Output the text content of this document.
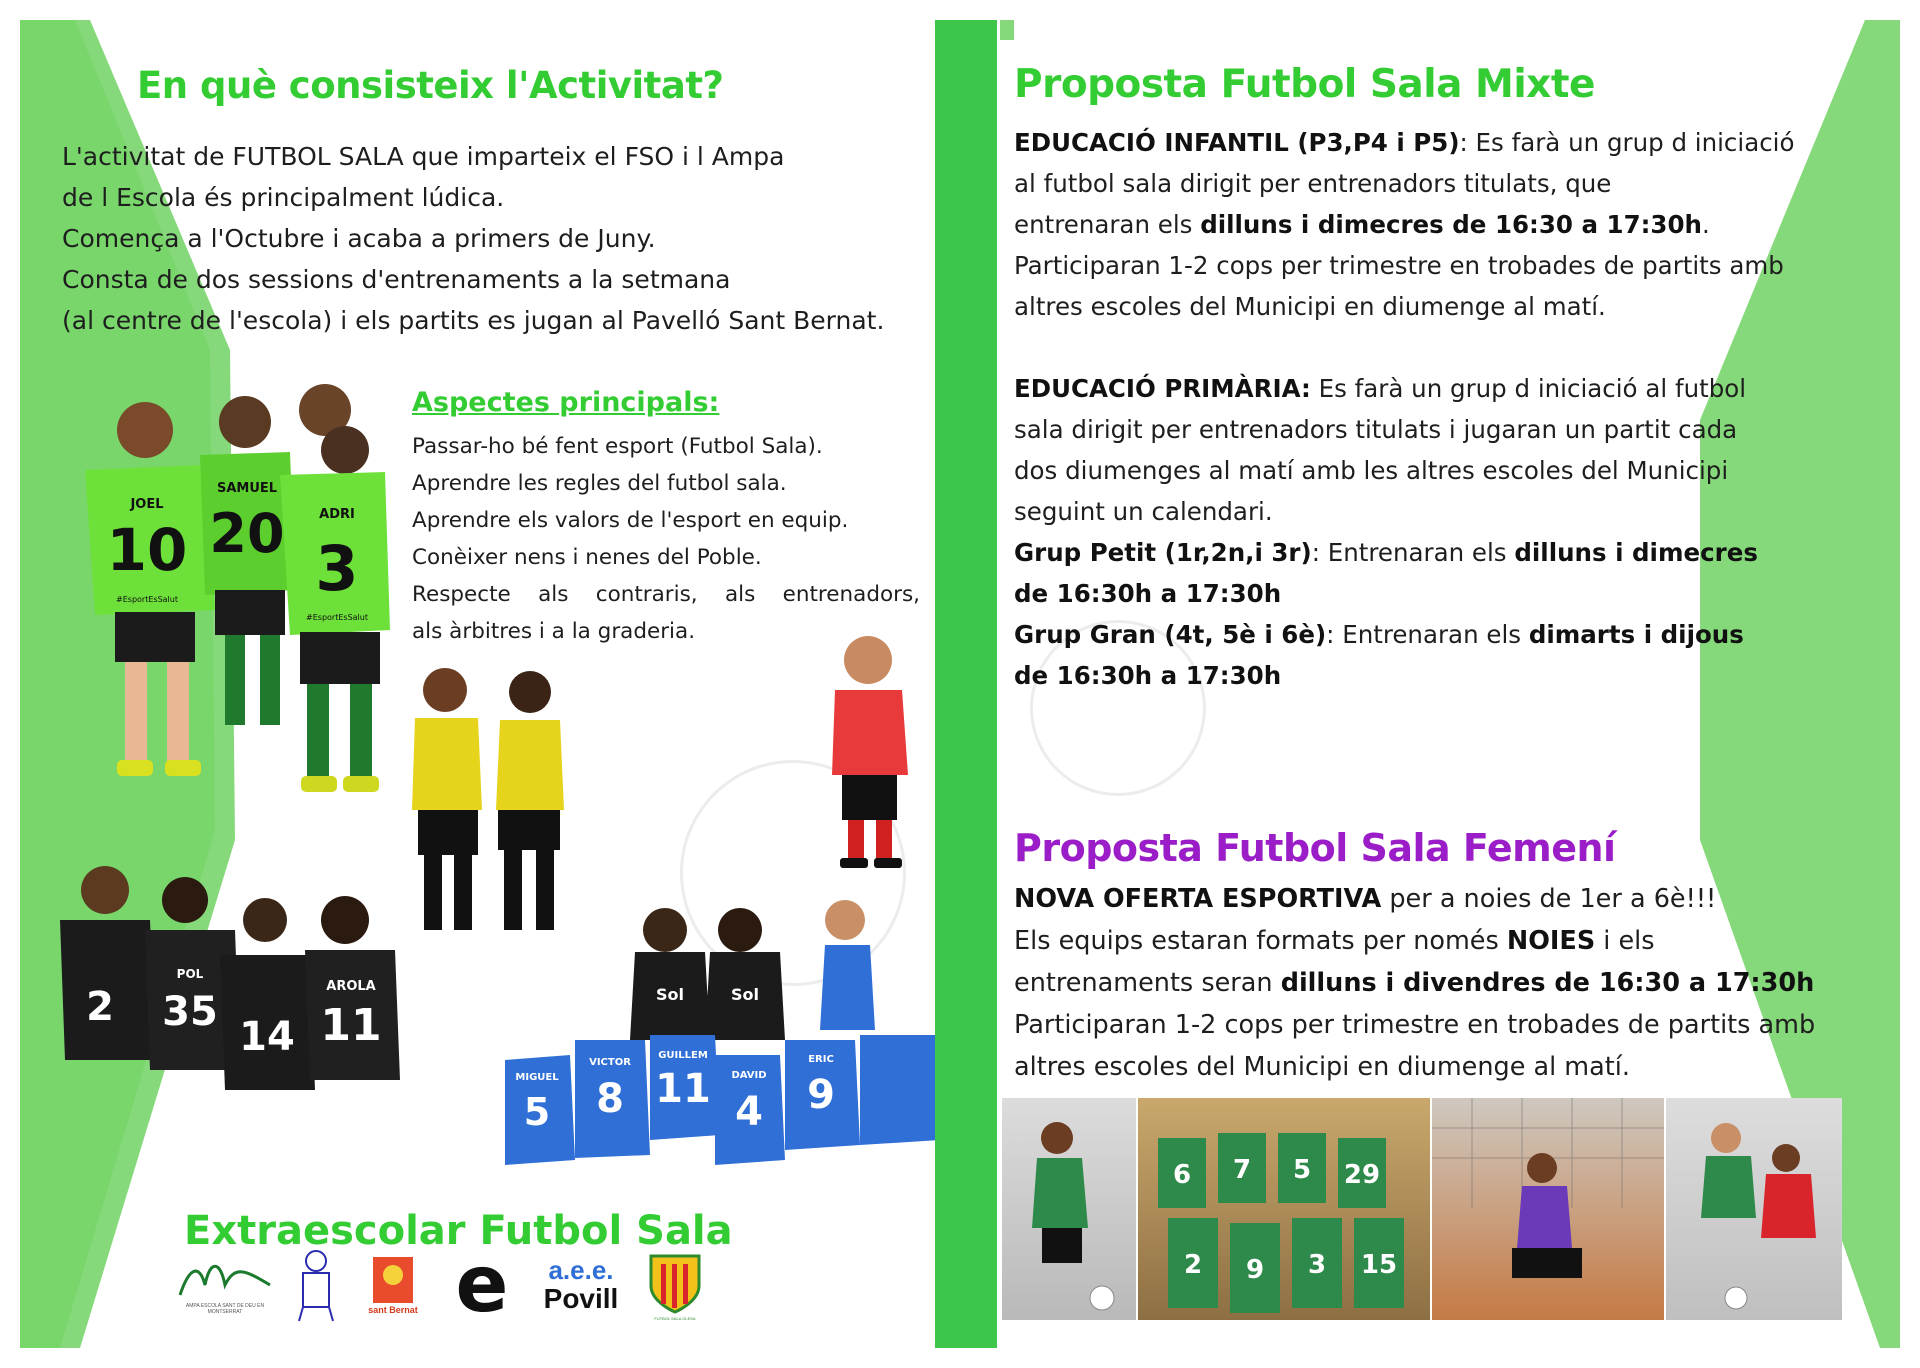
En què consisteix l'Activitat?
L'activitat de FUTBOL SALA que imparteix el FSO i l Ampa
de l Escola és principalment lúdica.
Comença a l'Octubre i acaba a primers de Juny.
Consta de dos sessions d'entrenaments a la setmana
(al centre de l'escola) i els partits es jugan al Pavelló Sant Bernat.
Aspectes principals:
Passar-ho bé fent esport (Futbol Sala).
Aprendre les regles del futbol sala.
Aprendre els valors de l'esport en equip.
Conèixer nens i nenes del Poble.
Respecte als contraris, als entrenadors,
als àrbitres i a la graderia.
JOEL
10
#EsportEsSalut
SAMUEL
20	ADRI
3
#EsportEsSalut
2
POL
35
14
AROLA
11
Sol	Sol
MIGUEL
5
VICTOR
8
GUILLEM
11 DAVID
4
ERIC
9
Extraescolar Futbol Sala
AMPA ESCOLA SANT DE DEU EN MONTSERRAT	sant Bernat e a.e.e.
Povill
FUTBOL SALA OLESA
Proposta Futbol Sala Mixte
EDUCACIÓ INFANTIL (P3,P4 i P5): Es farà un grup d iniciació
al futbol sala dirigit per entrenadors titulats, que
entrenaran els dilluns i dimecres de 16:30 a 17:30h.
Participaran 1-2 cops per trimestre en trobades de partits amb
altres escoles del Municipi en diumenge al matí.
EDUCACIÓ PRIMÀRIA: Es farà un grup d iniciació al futbol
sala dirigit per entrenadors titulats i jugaran un partit cada
dos diumenges al matí amb les altres escoles del Municipi
seguint un calendari.
Grup Petit (1r,2n,i 3r): Entrenaran els dilluns i dimecres
de 16:30h a 17:30h
Grup Gran (4t, 5è i 6è): Entrenaran els dimarts i dijous
de 16:30h a 17:30h
Proposta Futbol Sala Femení
NOVA OFERTA ESPORTIVA per a noies de 1er a 6è!!!
Els equips estaran formats per només NOIES i els
entrenaments seran dilluns i divendres de 16:30 a 17:30h
Participaran 1-2 cops per trimestre en trobades de partits amb
altres escoles del Municipi en diumenge al matí.
6 7 5 29
2 9 3 15
